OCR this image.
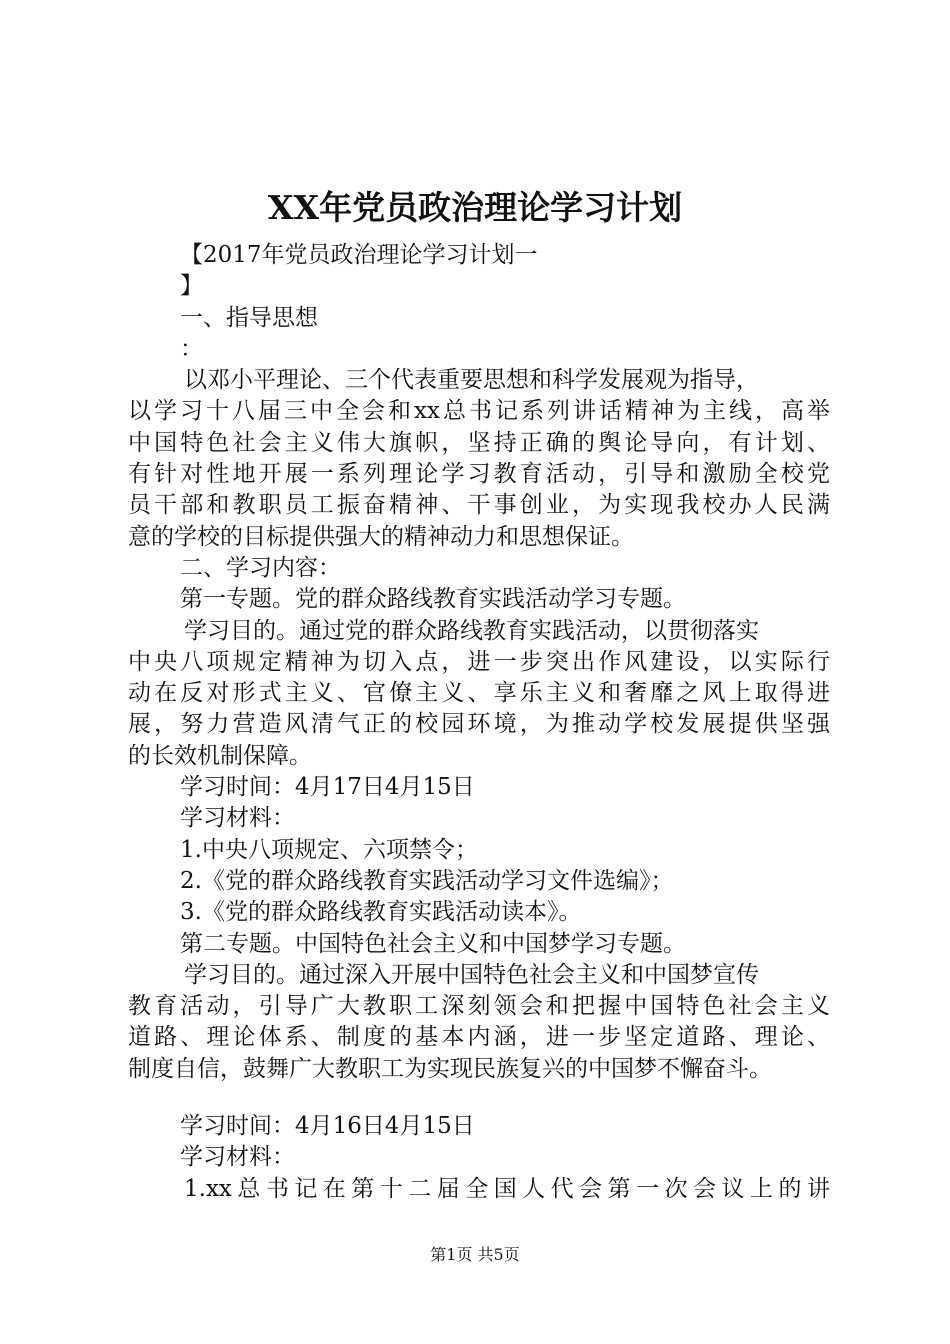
XX年党员政治理论学习计划
【2017年党员政治理论学习计划一
】
一、指导思想
：
以邓小平理论、三个代表重要思想和科学发展观为指导，
以学习十八届三中全会和xx总书记系列讲话精神为主线，高举
中国特色社会主义伟大旗帜，坚持正确的舆论导向，有计划、
有针对性地开展一系列理论学习教育活动，引导和激励全校党
员干部和教职员工振奋精神、干事创业，为实现我校办人民满
意的学校的目标提供强大的精神动力和思想保证。
二、学习内容：
第一专题。党的群众路线教育实践活动学习专题。
学习目的。通过党的群众路线教育实践活动，以贯彻落实
中央八项规定精神为切入点，进一步突出作风建设，以实际行
动在反对形式主义、官僚主义、享乐主义和奢靡之风上取得进
展，努力营造风清气正的校园环境，为推动学校发展提供坚强
的长效机制保障。
学习时间：4月17日4月15日
学习材料：
1.中央八项规定、六项禁令；
2.《党的群众路线教育实践活动学习文件选编》；
3.《党的群众路线教育实践活动读本》。
第二专题。中国特色社会主义和中国梦学习专题。
学习目的。通过深入开展中国特色社会主义和中国梦宣传
教育活动，引导广大教职工深刻领会和把握中国特色社会主义
道路、理论体系、制度的基本内涵，进一步坚定道路、理论、
制度自信，鼓舞广大教职工为实现民族复兴的中国梦不懈奋斗。
学习时间：4月16日4月15日
学习材料：
1.xx总书记在第十二届全国人代会第一次会议上的讲
第1页 共5页
